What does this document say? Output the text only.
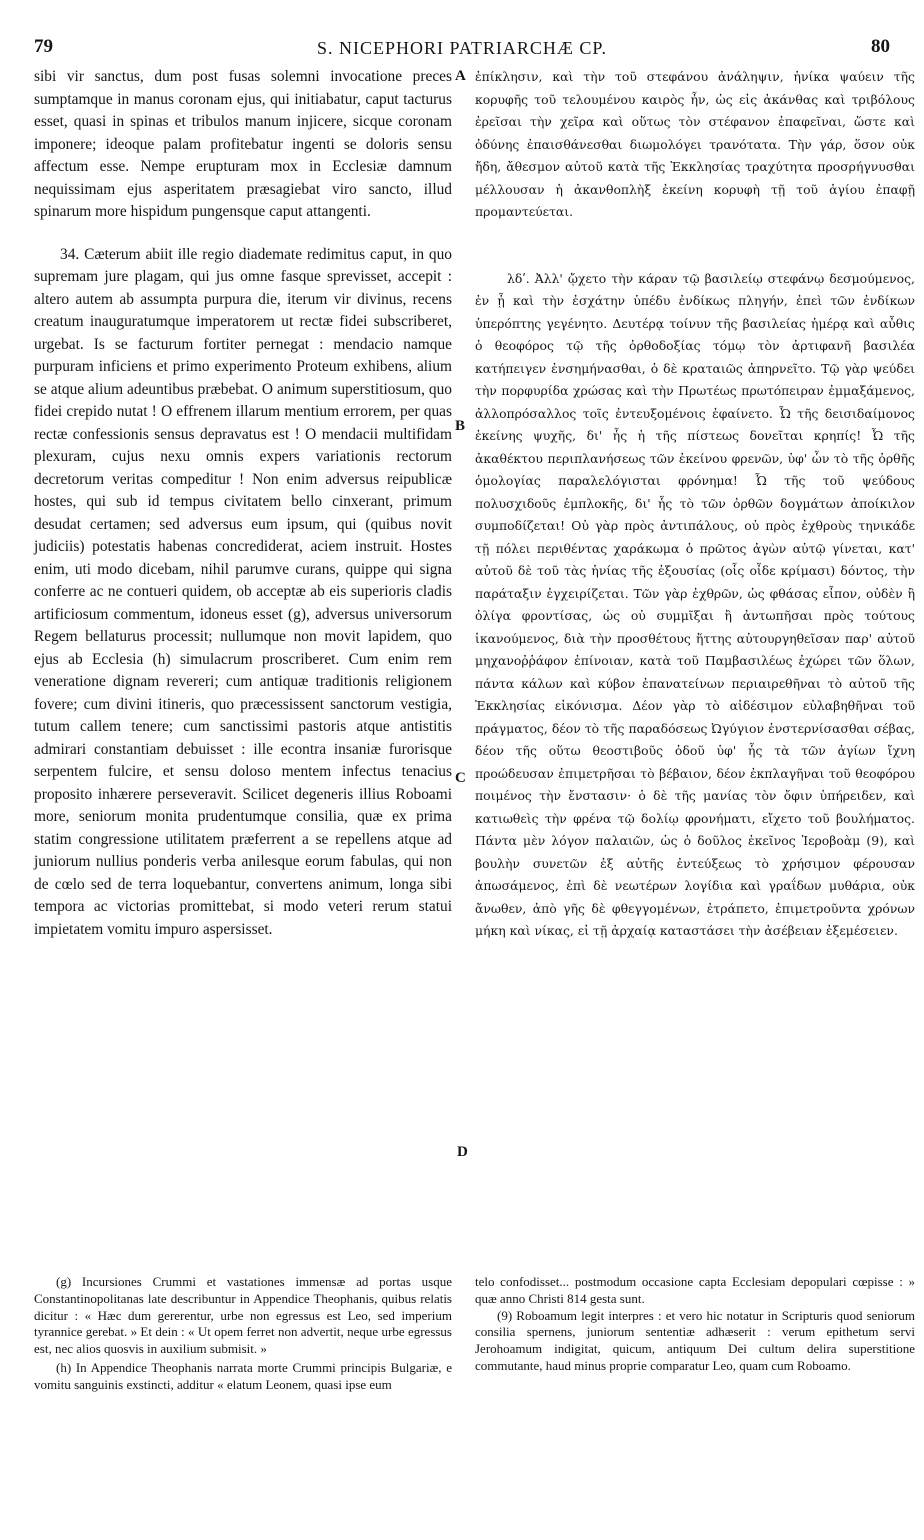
79	S. NICEPHORI PATRIARCHÆ CP.	80

sibi vir sanctus, dum post fusas solemni invocatione preces sumptamque in manus coronam ejus, qui initiabatur, caput tacturus esset, quasi in spinas et tribulos manum injicere, sicque coronam imponere; ideoque palam profitebatur ingenti se doloris sensu affectum esse. Nempe erupturam mox in Ecclesiæ damnum nequissimam ejus asperitatem præsagiebat viro sancto, illud spinarum more hispidum pungensque caput attangenti.

34. Cæterum abiit ille regio diademate redimitus caput, in quo supremam jure plagam, qui jus omne fasque sprevisset, accepit : altero autem ab assumpta purpura die, iterum vir divinus, recens creatum inauguratumque imperatorem ut rectæ fidei subscriberet, urgebat. Is se facturum fortiter pernegat : mendacio namque purpuram inficiens et primo experimento Proteum exhibens, alium se atque alium adeuntibus præbebat. O animum superstitiosum, quo fidei crepido nutat ! O effrenem illarum mentium errorem, per quas rectæ confessionis sensus depravatus est ! O mendacii multifidam plexuram, cujus nexu omnis expers variationis rectorum decretorum veritas compeditur ! Non enim adversus reipublicæ hostes, qui sub id tempus civitatem bello cinxerant, primum desudat certamen; sed adversus eum ipsum, qui (quibus novit judiciis) potestatis habenas concrediderat, aciem instruit. Hostes enim, uti modo dicebam, nihil parumve curans, quippe qui signa conferre ac ne contueri quidem, ob acceptæ ab eis superioris cladis artificiosum commentum, idoneus esset (g), adversus universorum Regem bellaturus processit; nullumque non movit lapidem, quo ejus ab Ecclesia (h) simulacrum proscriberet. Cum enim rem veneratione dignam revereri; cum antiquæ traditionis religionem fovere; cum divini itineris, quo præcessissent sanctorum vestigia, tutum callem tenere; cum sanctissimi pastoris atque antistitis admirari constantiam debuisset : ille econtra insaniæ furorisque serpentem fulcire, et sensu doloso mentem infectus tenacius proposito inhærere perseveravit. Scilicet degeneris illius Roboami more, seniorum monita prudentumque consilia, quæ ex prima statim congressione utilitatem præferrent a se repellens atque ad juniorum nullius ponderis verba anilesque eorum fabulas, qui non de cœlo sed de terra loquebantur, convertens animum, longa sibi tempora ac victorias promittebat, si modo veteri rerum statui impietatem vomitu impuro aspersisset.

ἐπίκλησιν, καὶ τὴν τοῦ στεφάνου ἀνάληψιν, ἡνίκα ψαύειν τῆς κορυφῆς τοῦ τελουμένου καιρὸς ἦν, ὡς εἰς ἀκάνθας καὶ τριβόλους ἐρεῖσαι τὴν χεῖρα καὶ οὕτως τὸν στέφανον ἐπαφεῖναι, ὥστε καὶ ὀδύνης ἐπαισθάνεσθαι διωμολόγει τρανότατα. Τὴν γάρ, ὅσον οὐκ ἤδη, ἄθεσμον αὐτοῦ κατὰ τῆς Ἐκκλησίας τραχύτητα προσρήγνυσθαι μέλλουσαν ἡ ἀκανθοπλὴξ ἐκείνη κορυφὴ τῇ τοῦ ἁγίου ἐπαφῇ προμαντεύεται.

λδʹ. Ἀλλ' ᾤχετο τὴν κάραν τῷ βασιλείῳ στεφάνῳ δεσμούμενος, ἐν ᾗ καὶ τὴν ἐσχάτην ὑπέδυ ἐνδίκως πληγήν, ἐπεὶ τῶν ἐνδίκων ὑπερόπτης γεγένητο. Δευτέρᾳ τοίνυν τῆς βασιλείας ἡμέρᾳ καὶ αὖθις ὁ θεοφόρος τῷ τῆς ὀρθοδοξίας τόμῳ τὸν ἀρτιφανῆ βασιλέα κατήπειγεν ἐνσημήνασθαι, ὁ δὲ κραταιῶς ἀπηρνεῖτο. Τῷ γὰρ ψεύδει τὴν πορφυρίδα χρώσας καὶ τὴν Πρωτέως πρωτόπειραν ἐμμαξάμενος, ἀλλοπρόσαλλος τοῖς ἐντευξομένοις ἐφαίνετο. Ὦ τῆς δεισιδαίμονος ἐκείνης ψυχῆς, δι' ἧς ἡ τῆς πίστεως δονεῖται κρηπίς! Ὦ τῆς ἀκαθέκτου περιπλανήσεως τῶν ἐκείνου φρενῶν, ὑφ' ὧν τὸ τῆς ὀρθῆς ὁμολογίας παραλελόγισται φρόνημα! Ὦ τῆς τοῦ ψεύδους πολυσχιδοῦς ἐμπλοκῆς, δι' ἧς τὸ τῶν ὀρθῶν δογμάτων ἀποίκιλον συμποδίζεται! Οὐ γὰρ πρὸς ἀντιπάλους, οὐ πρὸς ἐχθροὺς τηνικάδε τῇ πόλει περιθέντας χαράκωμα ὁ πρῶτος ἀγὼν αὐτῷ γίνεται, κατ' αὐτοῦ δὲ τοῦ τὰς ἡνίας τῆς ἐξουσίας (οἷς οἶδε κρίμασι) δόντος, τὴν παράταξιν ἐγχειρίζεται. Τῶν γὰρ ἐχθρῶν, ὡς φθάσας εἶπον, οὐδὲν ἢ ὀλίγα φροντίσας, ὡς οὐ συμμῖξαι ἢ ἀντωπῆσαι πρὸς τούτους ἱκανούμενος, διὰ τὴν προσθέτους ἥττης αὐτουργηθεῖσαν παρ' αὐτοῦ μηχανοῤῥάφον ἐπίνοιαν, κατὰ τοῦ Παμβασιλέως ἐχώρει τῶν ὅλων, πάντα κάλων καὶ κύβον ἐπανατείνων περιαιρεθῆναι τὸ αὐτοῦ τῆς Ἐκκλησίας εἰκόνισμα. Δέον γὰρ τὸ αἰδέσιμον εὐλαβηθῆναι τοῦ πράγματος, δέον τὸ τῆς παραδόσεως Ὠγύγιον ἐνστερνίσασθαι σέβας, δέον τῆς οὕτω θεοστιβοῦς ὁδοῦ ὑφ' ἧς τὰ τῶν ἁγίων ἴχνη προώδευσαν ἐπιμετρῆσαι τὸ βέβαιον, δέον ἐκπλαγῆναι τοῦ θεοφόρου ποιμένος τὴν ἔνστασιν· ὁ δὲ τῆς μανίας τὸν ὄφιν ὑπήρειδεν, καὶ κατιωθεὶς τὴν φρένα τῷ δολίῳ φρονήματι, εἴχετο τοῦ βουλήματος. Πάντα μὲν λόγον παλαιῶν, ὡς ὁ δοῦλος ἐκεῖνος Ἱεροβοὰμ (9), καὶ βουλὴν συνετῶν ἐξ αὐτῆς ἐντεύξεως τὸ χρήσιμον φέρουσαν ἀπωσάμενος, ἐπὶ δὲ νεωτέρων λογίδια καὶ γραΐδων μυθάρια, οὐκ ἄνωθεν, ἀπὸ γῆς δὲ φθεγγομένων, ἐτράπετο, ἐπιμετροῦντα χρόνων μήκη καὶ νίκας, εἰ τῇ ἀρχαίᾳ καταστάσει τὴν ἀσέβειαν ἐξεμέσειεν.

A
B
C
D

(g) Incursiones Crummi et vastationes immensæ ad portas usque Constantinopolitanas late describuntur in Appendice Theophanis, quibus relatis dicitur : « Hæc dum gererentur, urbe non egressus est Leo, sed imperium tyrannice gerebat. » Et dein : « Ut opem ferret non advertit, neque urbe egressus est, nec alios quosvis in auxilium submisit. »

(h) In Appendice Theophanis narrata morte Crummi principis Bulgariæ, e vomitu sanguinis exstincti, additur « elatum Leonem, quasi ipse eum

telo confodisset... postmodum occasione capta Ecclesiam depopulari cœpisse : » quæ anno Christi 814 gesta sunt.

(9) Roboamum legit interpres : et vero hic notatur in Scripturis quod seniorum consilia spernens, juniorum sententiæ adhæserit : verum epithetum servi Jerohoamum indigitat, quicum, antiquum Dei cultum delira superstitione commutante, haud minus proprie comparatur Leo, quam cum Roboamo.
